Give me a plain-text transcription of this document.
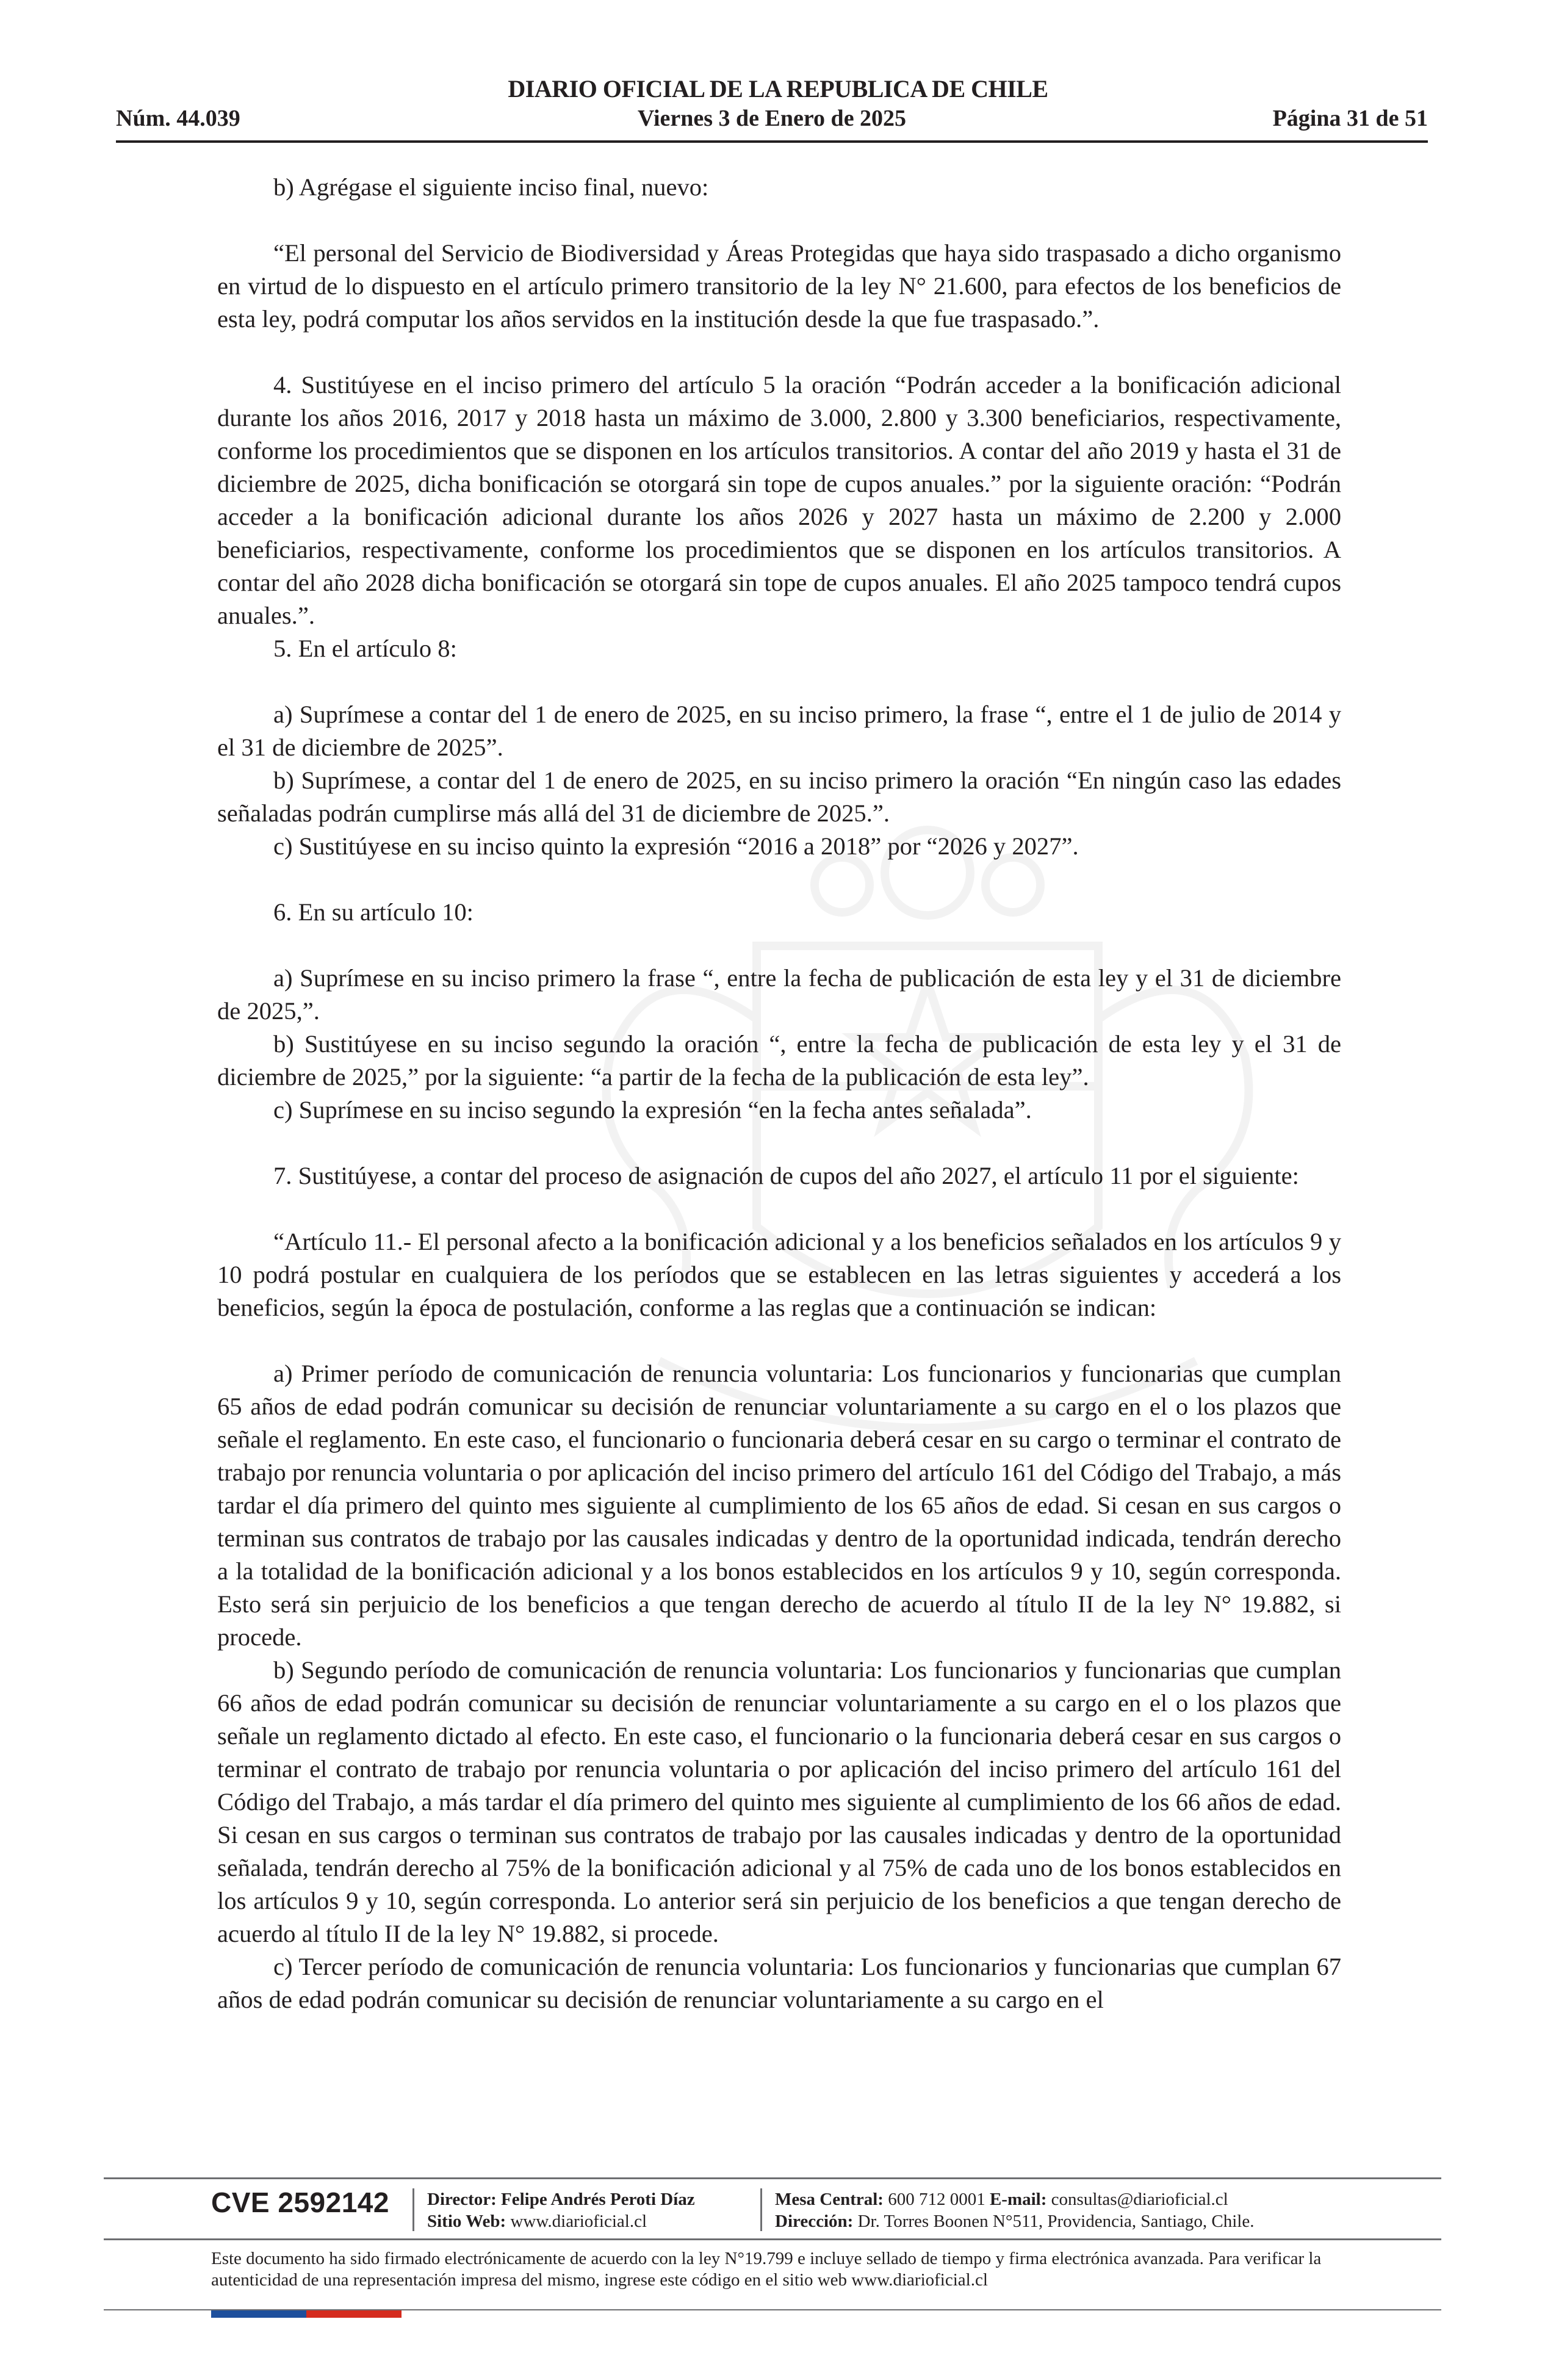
DIARIO OFICIAL DE LA REPUBLICA DE CHILE
Núm. 44.039	Viernes 3 de Enero de 2025	Página 31 de 51

b) Agrégase el siguiente inciso final, nuevo:

“El personal del Servicio de Biodiversidad y Áreas Protegidas que haya sido traspasado a dicho organismo en virtud de lo dispuesto en el artículo primero transitorio de la ley N° 21.600, para efectos de los beneficios de esta ley, podrá computar los años servidos en la institución desde la que fue traspasado.”.

4. Sustitúyese en el inciso primero del artículo 5 la oración “Podrán acceder a la bonificación adicional durante los años 2016, 2017 y 2018 hasta un máximo de 3.000, 2.800 y 3.300 beneficiarios, respectivamente, conforme los procedimientos que se disponen en los artículos transitorios. A contar del año 2019 y hasta el 31 de diciembre de 2025, dicha bonificación se otorgará sin tope de cupos anuales.” por la siguiente oración: “Podrán acceder a la bonificación adicional durante los años 2026 y 2027 hasta un máximo de 2.200 y 2.000 beneficiarios, respectivamente, conforme los procedimientos que se disponen en los artículos transitorios. A contar del año 2028 dicha bonificación se otorgará sin tope de cupos anuales. El año 2025 tampoco tendrá cupos anuales.”.

5. En el artículo 8:

a) Suprímese a contar del 1 de enero de 2025, en su inciso primero, la frase “, entre el 1 de julio de 2014 y el 31 de diciembre de 2025”.

b) Suprímese, a contar del 1 de enero de 2025, en su inciso primero la oración “En ningún caso las edades señaladas podrán cumplirse más allá del 31 de diciembre de 2025.”.

c) Sustitúyese en su inciso quinto la expresión “2016 a 2018” por “2026 y 2027”.

6. En su artículo 10:

a) Suprímese en su inciso primero la frase “, entre la fecha de publicación de esta ley y el 31 de diciembre de 2025,”.

b) Sustitúyese en su inciso segundo la oración “, entre la fecha de publicación de esta ley y el 31 de diciembre de 2025,” por la siguiente: “a partir de la fecha de la publicación de esta ley”.

c) Suprímese en su inciso segundo la expresión “en la fecha antes señalada”.

7. Sustitúyese, a contar del proceso de asignación de cupos del año 2027, el artículo 11 por el siguiente:

“Artículo 11.- El personal afecto a la bonificación adicional y a los beneficios señalados en los artículos 9 y 10 podrá postular en cualquiera de los períodos que se establecen en las letras siguientes y accederá a los beneficios, según la época de postulación, conforme a las reglas que a continuación se indican:

a) Primer período de comunicación de renuncia voluntaria: Los funcionarios y funcionarias que cumplan 65 años de edad podrán comunicar su decisión de renunciar voluntariamente a su cargo en el o los plazos que señale el reglamento. En este caso, el funcionario o funcionaria deberá cesar en su cargo o terminar el contrato de trabajo por renuncia voluntaria o por aplicación del inciso primero del artículo 161 del Código del Trabajo, a más tardar el día primero del quinto mes siguiente al cumplimiento de los 65 años de edad. Si cesan en sus cargos o terminan sus contratos de trabajo por las causales indicadas y dentro de la oportunidad indicada, tendrán derecho a la totalidad de la bonificación adicional y a los bonos establecidos en los artículos 9 y 10, según corresponda. Esto será sin perjuicio de los beneficios a que tengan derecho de acuerdo al título II de la ley N° 19.882, si procede.

b) Segundo período de comunicación de renuncia voluntaria: Los funcionarios y funcionarias que cumplan 66 años de edad podrán comunicar su decisión de renunciar voluntariamente a su cargo en el o los plazos que señale un reglamento dictado al efecto. En este caso, el funcionario o la funcionaria deberá cesar en sus cargos o terminar el contrato de trabajo por renuncia voluntaria o por aplicación del inciso primero del artículo 161 del Código del Trabajo, a más tardar el día primero del quinto mes siguiente al cumplimiento de los 66 años de edad. Si cesan en sus cargos o terminan sus contratos de trabajo por las causales indicadas y dentro de la oportunidad señalada, tendrán derecho al 75% de la bonificación adicional y al 75% de cada uno de los bonos establecidos en los artículos 9 y 10, según corresponda. Lo anterior será sin perjuicio de los beneficios a que tengan derecho de acuerdo al título II de la ley N° 19.882, si procede.

c) Tercer período de comunicación de renuncia voluntaria: Los funcionarios y funcionarias que cumplan 67 años de edad podrán comunicar su decisión de renunciar voluntariamente a su cargo en el

CVE 2592142 Director: Felipe Andrés Peroti Díaz
Sitio Web: www.diarioficial.cl
Mesa Central: 600 712 0001 E-mail: consultas@diarioficial.cl
Dirección: Dr. Torres Boonen N°511, Providencia, Santiago, Chile.
Este documento ha sido firmado electrónicamente de acuerdo con la ley N°19.799 e incluye sellado de tiempo y firma electrónica avanzada. Para verificar la autenticidad de una representación impresa del mismo, ingrese este código en el sitio web www.diarioficial.cl
